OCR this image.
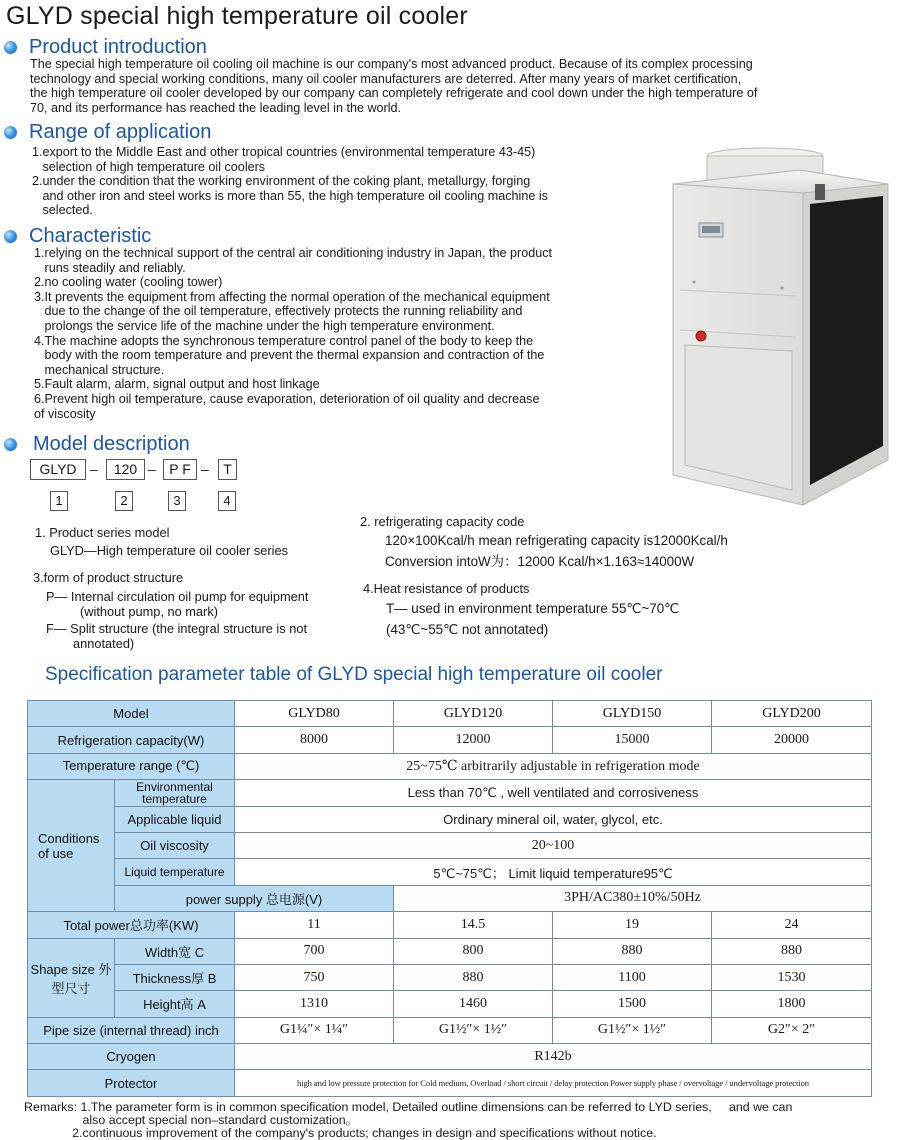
GLYD special high temperature oil cooler
Product introduction
The special high temperature oil cooling oil machine is our company's most advanced product. Because of its complex processing
technology and special working conditions, many oil cooler manufacturers are deterred. After many years of market certification,
the high temperature oil cooler developed by our company can completely refrigerate and cool down under the high temperature of
70, and its performance has reached the leading level in the world.
Range of application
1.export to the Middle East and other tropical countries (environmental temperature 43-45)
selection of high temperature oil coolers
2.under the condition that the working environment of the coking plant, metallurgy, forging
and other iron and steel works is more than 55, the high temperature oil cooling machine is
selected.
Characteristic
1.relying on the technical support of the central air conditioning industry in Japan, the product
runs steadily and reliably.
2.no cooling water (cooling tower)
3.It prevents the equipment from affecting the normal operation of the mechanical equipment
due to the change of the oil temperature, effectively protects the running reliability and
prolongs the service life of the machine under the high temperature environment.
4.The machine adopts the synchronous temperature control panel of the body to keep the
body with the room temperature and prevent the thermal expansion and contraction of the
mechanical structure.
5.Fault alarm, alarm, signal output and host linkage
6.Prevent high oil temperature, cause evaporation, deterioration of oil quality and decrease
of viscosity
Model description
GLYD –	120 – P F –	T
1	2	3	4
1. Product series model
GLYD—High temperature oil cooler series
3.form of product structure
P— Internal circulation oil pump for equipment
(without pump, no mark)
F— Split structure (the integral structure is not
annotated)
2. refrigerating capacity code
120×100Kcal/h mean refrigerating capacity is12000Kcal/h
Conversion intoW为：12000 Kcal/h×1.163≈14000W
4.Heat resistance of products
T— used in environment temperature 55℃~70℃
(43℃~55℃ not annotated)
Specification parameter table of GLYD special high temperature oil cooler
Model		GLYD80	GLYD120	GLYD150	GLYD200
Refrigeration capacity(W)		8000	12000	15000	20000
Temperature range (℃)		25~75℃ arbitrarily adjustable in refrigeration mode			
Conditions of use	Environmental temperature	Less than 70℃ , well ventilated and corrosiveness			
	Applicable liquid	Ordinary mineral oil, water, glycol, etc.			
	Oil viscosity	20~100			
	Liquid temperature	5℃~75℃； Limit liquid temperature95℃			
	power supply 总电源(V)		3PH/AC380±10%/50Hz		
Total power总功率(KW)		11	14.5	19	24
Shape size 外型尺寸	Width宽 C	700	800	880	880
	Thickness厚 B	750	880	1100	1530
	Height高 A	1310	1460	1500	1800
Pipe size (internal thread) inch		G1¼″× 1¼″	G1½″× 1½″	G1½″× 1½″	G2″× 2″
Cryogen		R142b			
Protector		high and low pressure protection for Cold medium, Overload / short circuit / delay protection Power supply phase / overvoltage / undervoltage protection			
Remarks: 1.The parameter form is in common specification model, Detailed outline dimensions can be referred to LYD series,     and we can
also accept special non–standard customization。
2.continuous improvement of the company's products; changes in design and specifications without notice.
